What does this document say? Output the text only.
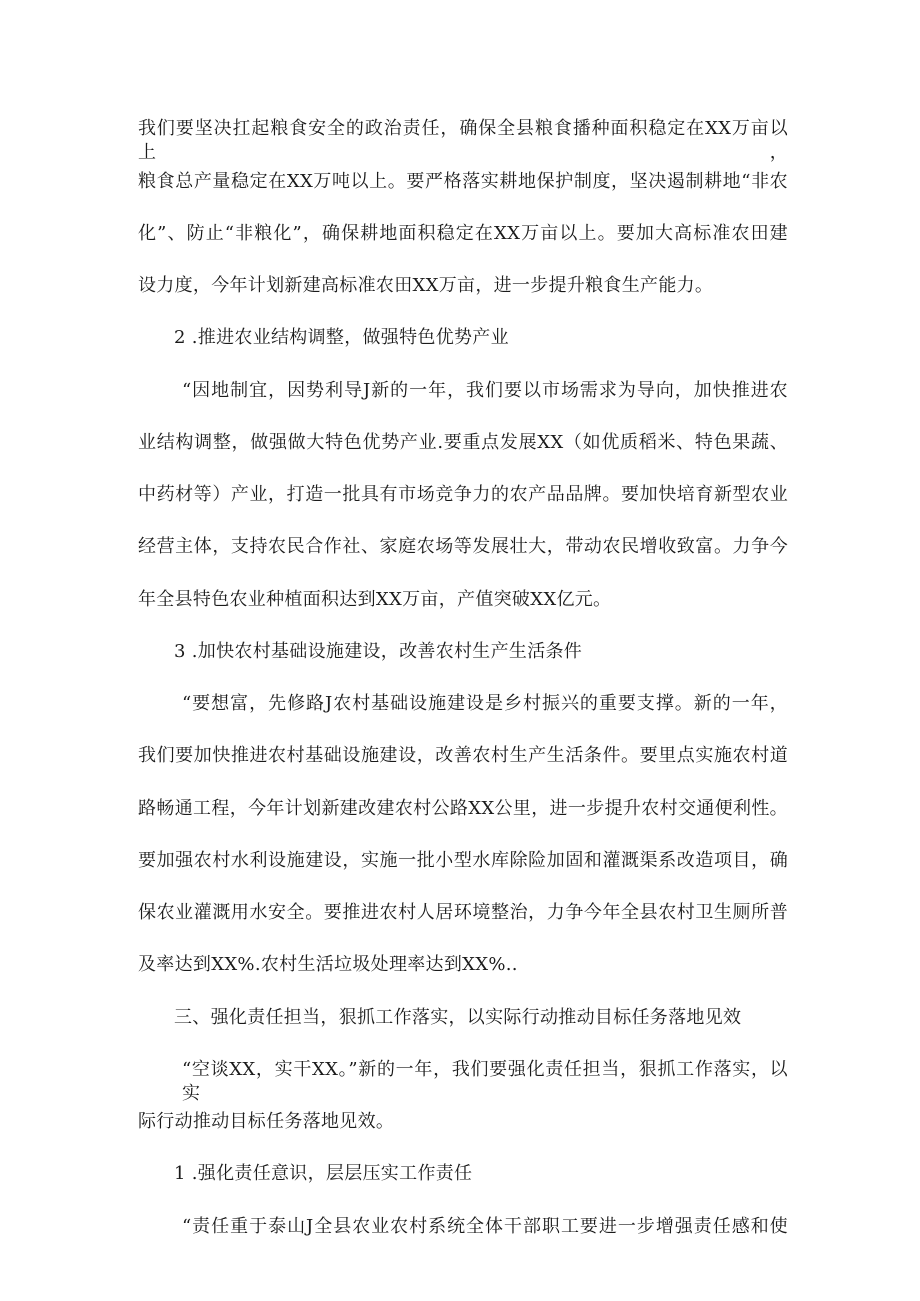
我们要坚决扛起粮食安全的政治责任，确保全县粮食播种面积稳定在XX万亩以上，

粮食总产量稳定在XX万吨以上。要严格落实耕地保护制度，坚决遏制耕地“非农

化”、防止“非粮化”，确保耕地面积稳定在XX万亩以上。要加大高标准农田建

设力度，今年计划新建高标准农田XX万亩，进一步提升粮食生产能力。

2 .推进农业结构调整，做强特色优势产业

“因地制宜，因势利导J新的一年，我们要以市场需求为导向，加快推进农

业结构调整，做强做大特色优势产业.要重点发展XX（如优质稻米、特色果蔬、

中药材等）产业，打造一批具有市场竞争力的农产品品牌。要加快培育新型农业

经营主体，支持农民合作社、家庭农场等发展壮大，带动农民增收致富。力争今

年全县特色农业种植面积达到XX万亩，产值突破XX亿元。

3 .加快农村基础设施建设，改善农村生产生活条件

“要想富，先修路J农村基础设施建设是乡村振兴的重要支撑。新的一年，

我们要加快推进农村基础设施建设，改善农村生产生活条件。要里点实施农村道

路畅通工程，今年计划新建改建农村公路XX公里，进一步提升农村交通便利性。

要加强农村水利设施建设，实施一批小型水库除险加固和灌溉渠系改造项目，确

保农业灌溉用水安全。要推进农村人居环境整治，力争今年全县农村卫生厕所普

及率达到XX%.农村生活垃圾处理率达到XX%..

三、强化责任担当，狠抓工作落实，以实际行动推动目标任务落地见效

“空谈XX，实干XX。”新的一年，我们要强化责任担当，狠抓工作落实，以实

际行动推动目标任务落地见效。

1 .强化责任意识，层层压实工作责任

“责任重于泰山J全县农业农村系统全体干部职工要进一步增强责任感和使
